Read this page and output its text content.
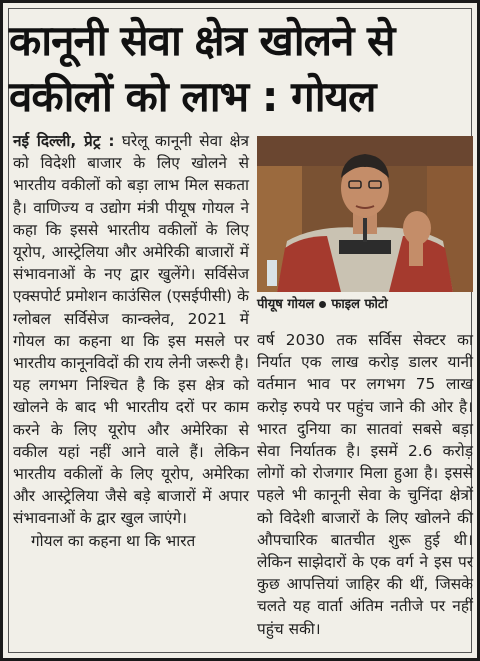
कानूनी सेवा क्षेत्र खोलने से वकीलों को लाभ : गोयल

नई दिल्ली, प्रेट्र : घरेलू कानूनी सेवा क्षेत्र को विदेशी बाजार के लिए खोलने से भारतीय वकीलों को बड़ा लाभ मिल सकता है। वाणिज्य व उद्योग मंत्री पीयूष गोयल ने कहा कि इससे भारतीय वकीलों के लिए यूरोप, आस्ट्रेलिया और अमेरिकी बाजारों में संभावनाओं के नए द्वार खुलेंगे। सर्विसेज एक्सपोर्ट प्रमोशन काउंसिल (एसईपीसी) के ग्लोबल सर्विसेज कान्क्लेव, 2021 में गोयल का कहना था कि इस मसले पर भारतीय कानूनविदों की राय लेनी जरूरी है। यह लगभग निश्चित है कि इस क्षेत्र को खोलने के बाद भी भारतीय दरों पर काम करने के लिए यूरोप और अमेरिका से वकील यहां नहीं आने वाले हैं। लेकिन भारतीय वकीलों के लिए यूरोप, अमेरिका और आस्ट्रेलिया जैसे बड़े बाजारों में अपार संभावनाओं के द्वार खुल जाएंगे।

गोयल का कहना था कि भारत

पीयूष गोयल फाइल फोटो

वर्ष 2030 तक सर्विस सेक्टर का निर्यात एक लाख करोड़ डालर यानी वर्तमान भाव पर लगभग 75 लाख करोड़ रुपये पर पहुंच जाने की ओर है। भारत दुनिया का सातवां सबसे बड़ा सेवा निर्यातक है। इसमें 2.6 करोड़ लोगों को रोजगार मिला हुआ है। इससे पहले भी कानूनी सेवा के चुनिंदा क्षेत्रों को विदेशी बाजारों के लिए खोलने की औपचारिक बातचीत शुरू हुई थी। लेकिन साझेदारों के एक वर्ग ने इस पर कुछ आपत्तियां जाहिर की थीं, जिसके चलते यह वार्ता अंतिम नतीजे पर नहीं पहुंच सकी।
